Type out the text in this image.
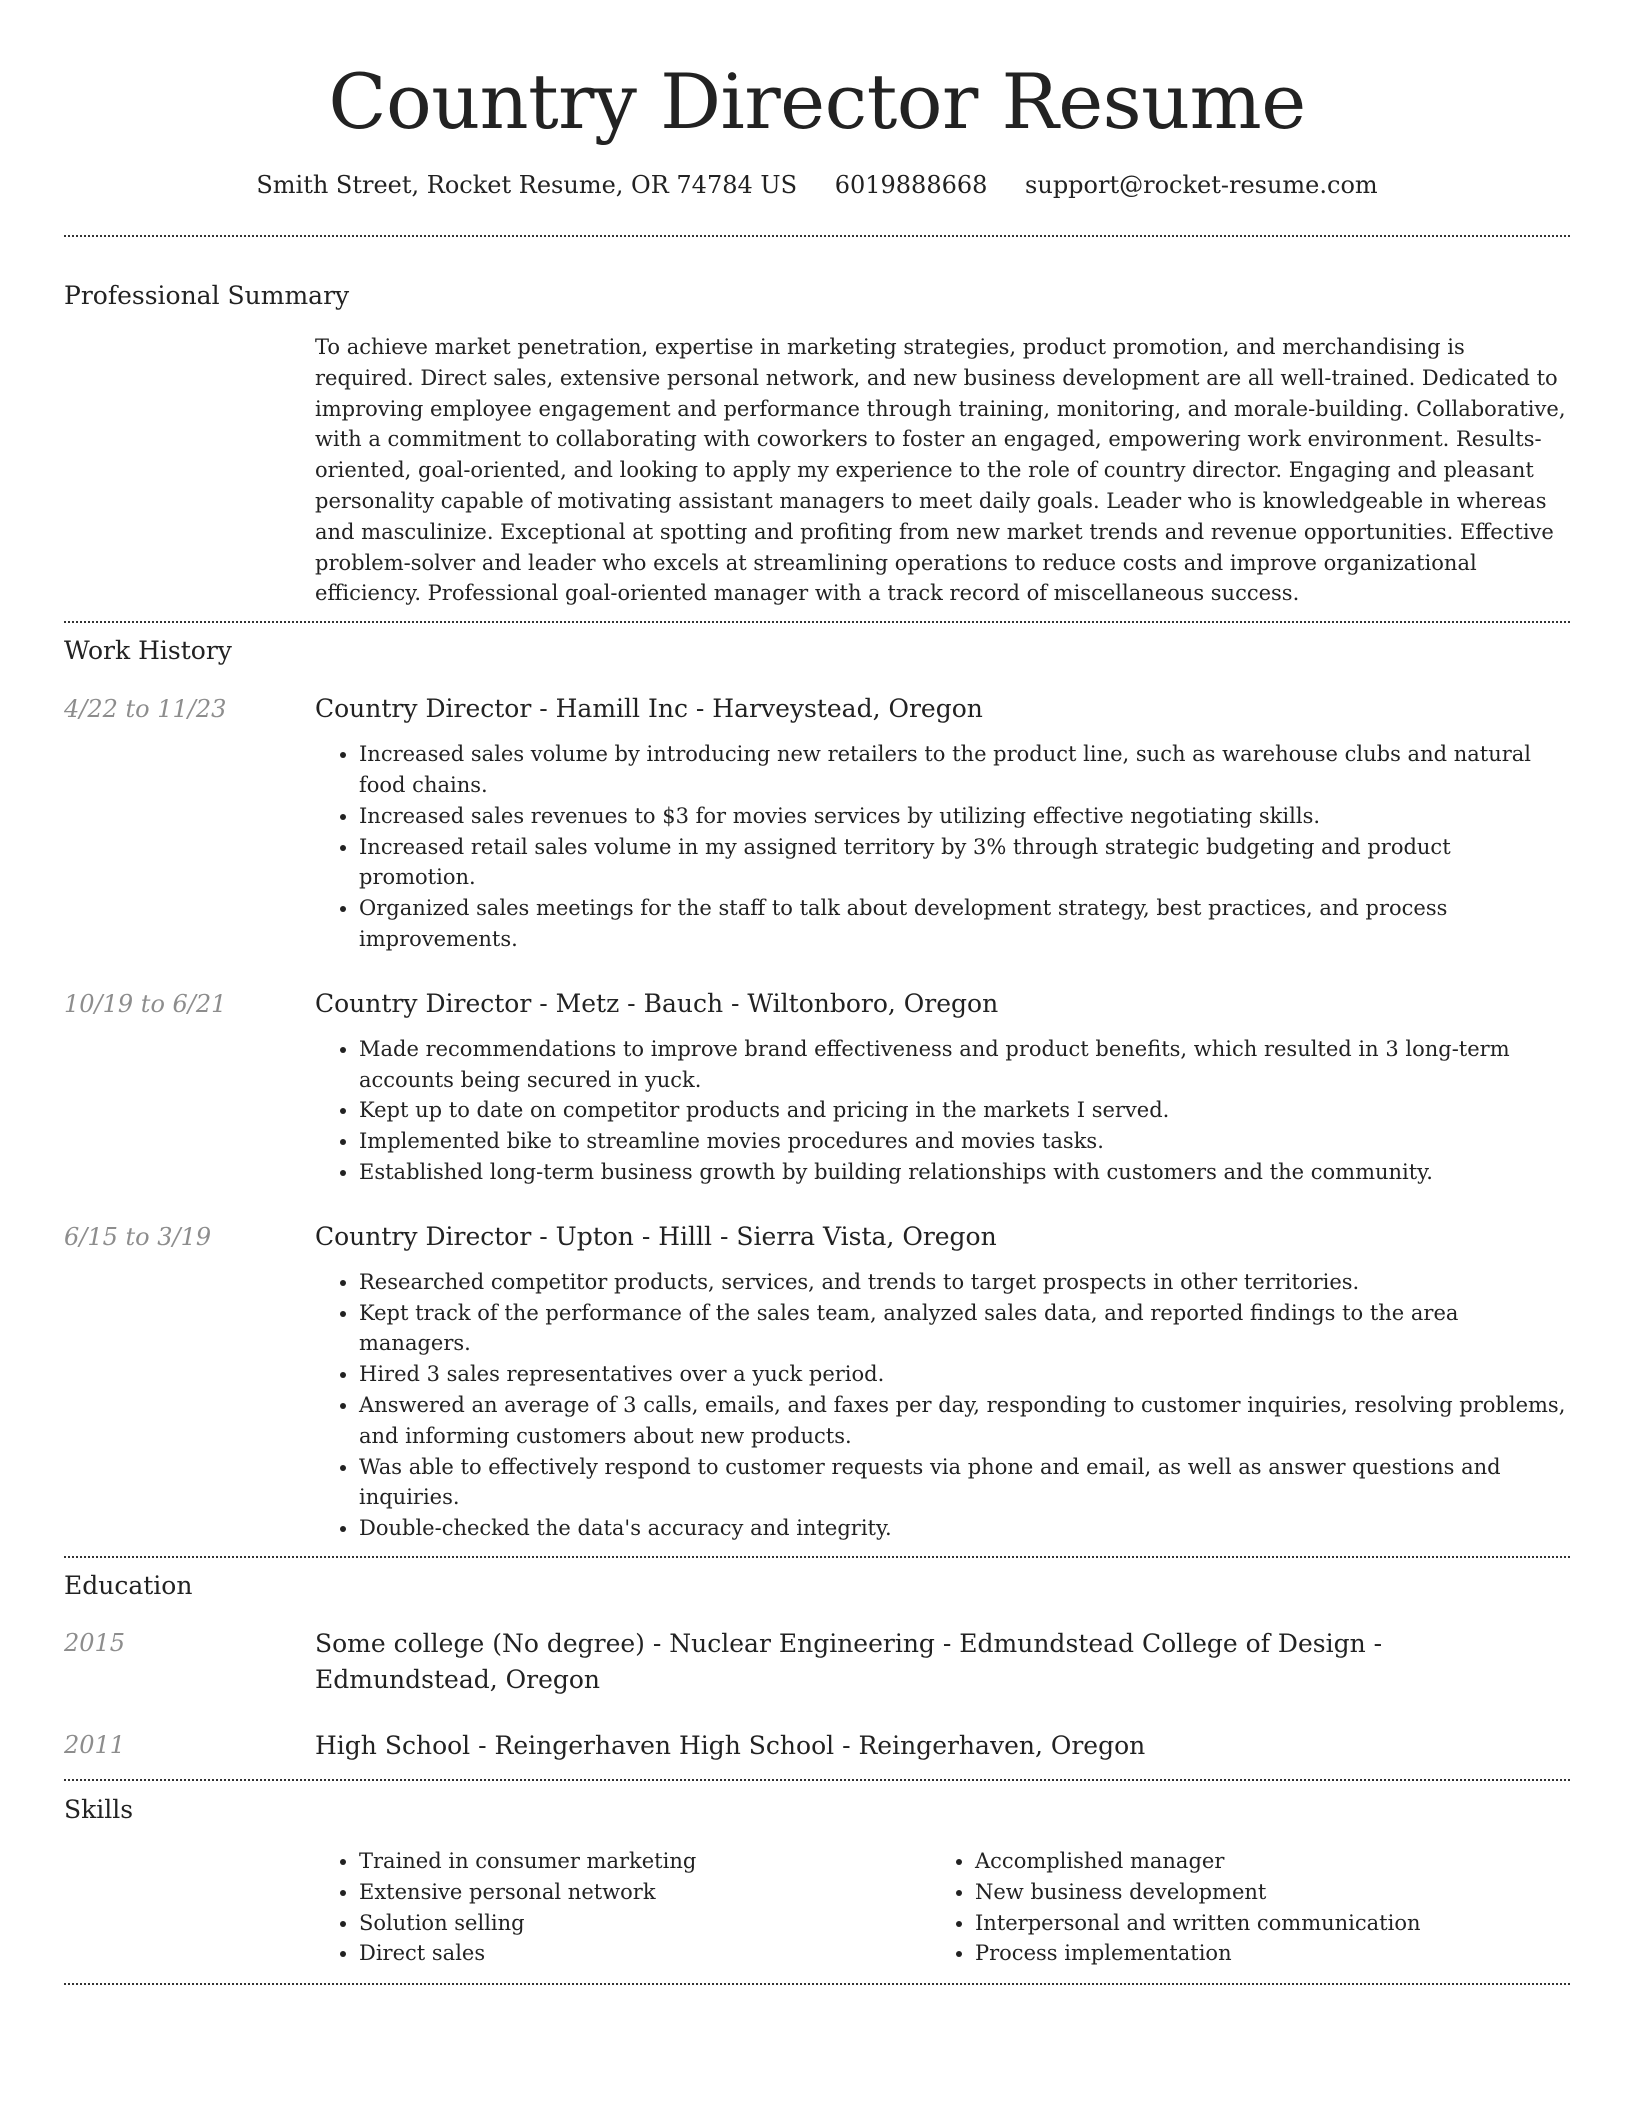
Country Director Resume
Smith Street, Rocket Resume, OR 74784 US 6019888668 support@rocket-resume.com
Professional Summary

To achieve market penetration, expertise in marketing strategies, product promotion, and merchandising is required. Direct sales, extensive personal network, and new business development are all well-trained. Dedicated to improving employee engagement and performance through training, monitoring, and morale-building. Collaborative, with a commitment to collaborating with coworkers to foster an engaged, empowering work environment. Results-oriented, goal-oriented, and looking to apply my experience to the role of country director. Engaging and pleasant personality capable of motivating assistant managers to meet daily goals. Leader who is knowledgeable in whereas and masculinize. Exceptional at spotting and profiting from new market trends and revenue opportunities. Effective problem-solver and leader who excels at streamlining operations to reduce costs and improve organizational efficiency. Professional goal-oriented manager with a track record of miscellaneous success.

Work History
4/22 to 11/23	Country Director - Hamill Inc - Harveystead, Oregon

• Increased sales volume by introducing new retailers to the product line, such as warehouse clubs and natural food chains.
• Increased sales revenues to $3 for movies services by utilizing effective negotiating skills.
• Increased retail sales volume in my assigned territory by 3% through strategic budgeting and product promotion.
• Organized sales meetings for the staff to talk about development strategy, best practices, and process improvements.
10/19 to 6/21	Country Director - Metz - Bauch - Wiltonboro, Oregon

• Made recommendations to improve brand effectiveness and product benefits, which resulted in 3 long-term accounts being secured in yuck.
• Kept up to date on competitor products and pricing in the markets I served.
• Implemented bike to streamline movies procedures and movies tasks.
• Established long-term business growth by building relationships with customers and the community.
6/15 to 3/19	Country Director - Upton - Hilll - Sierra Vista, Oregon

• Researched competitor products, services, and trends to target prospects in other territories.
• Kept track of the performance of the sales team, analyzed sales data, and reported findings to the area managers.
• Hired 3 sales representatives over a yuck period.
• Answered an average of 3 calls, emails, and faxes per day, responding to customer inquiries, resolving problems, and informing customers about new products.
• Was able to effectively respond to customer requests via phone and email, as well as answer questions and inquiries.
• Double-checked the data's accuracy and integrity.
Education
2015	Some college (No degree) - Nuclear Engineering - Edmundstead College of Design - Edmundstead, Oregon

2011	High School - Reingerhaven High School - Reingerhaven, Oregon

Skills
• Trained in consumer marketing
• Extensive personal network
• Solution selling
• Direct sales
• Accomplished manager
• New business development
• Interpersonal and written communication
• Process implementation
